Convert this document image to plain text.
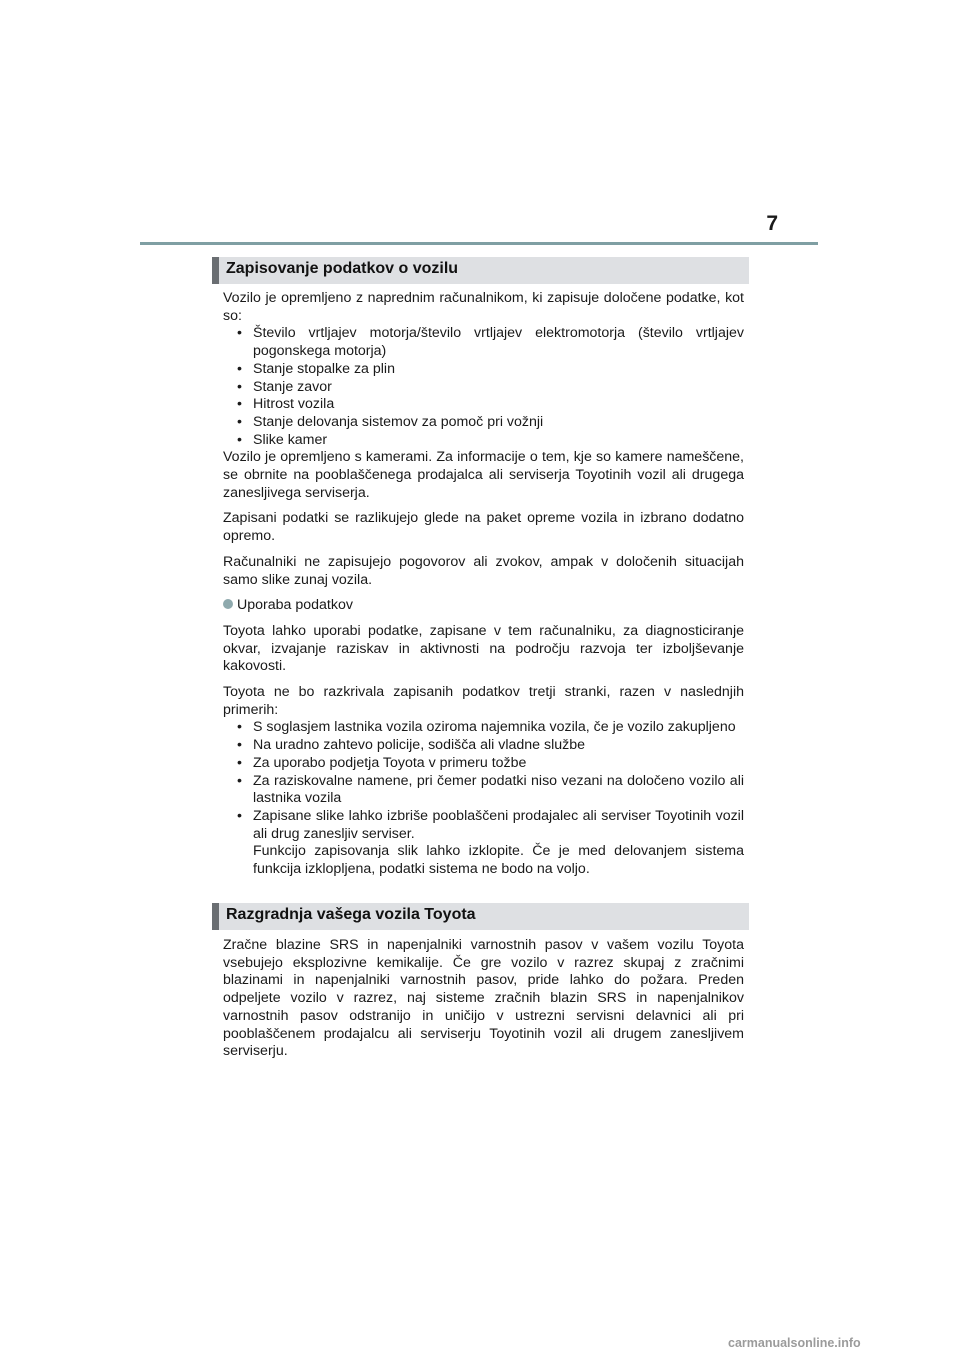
7
Zapisovanje podatkov o vozilu

Vozilo je opremljeno z naprednim računalnikom, ki zapisuje določene podatke, kot so:

• Število vrtljajev motorja/število vrtljajev elektromotorja (število vrtljajev pogonskega motorja)
• Stanje stopalke za plin
• Stanje zavor
• Hitrost vozila
• Stanje delovanja sistemov za pomoč pri vožnji
• Slike kamer

Vozilo je opremljeno s kamerami. Za informacije o tem, kje so kamere nameščene, se obrnite na pooblaščenega prodajalca ali serviserja Toyotinih vozil ali drugega zanesljivega serviserja.

Zapisani podatki se razlikujejo glede na paket opreme vozila in izbrano dodatno opremo.

Računalniki ne zapisujejo pogovorov ali zvokov, ampak v določenih situacijah samo slike zunaj vozila.

Uporaba podatkov

Toyota lahko uporabi podatke, zapisane v tem računalniku, za diagnosticiranje okvar, izvajanje raziskav in aktivnosti na področju razvoja ter izboljševanje kakovosti.

Toyota ne bo razkrivala zapisanih podatkov tretji stranki, razen v naslednjih primerih:

• S soglasjem lastnika vozila oziroma najemnika vozila, če je vozilo zakupljeno
• Na uradno zahtevo policije, sodišča ali vladne službe
• Za uporabo podjetja Toyota v primeru tožbe
• Za raziskovalne namene, pri čemer podatki niso vezani na določeno vozilo ali lastnika vozila
• Zapisane slike lahko izbriše pooblaščeni prodajalec ali serviser Toyotinih vozil ali drug zanesljiv serviser.
Funkcijo zapisovanja slik lahko izklopite. Če je med delovanjem sistema funkcija izklopljena, podatki sistema ne bodo na voljo.
Razgradnja vašega vozila Toyota

Zračne blazine SRS in napenjalniki varnostnih pasov v vašem vozilu Toyota vsebujejo eksplozivne kemikalije. Če gre vozilo v razrez skupaj z zračnimi blazinami in napenjalniki varnostnih pasov, pride lahko do požara. Preden odpeljete vozilo v razrez, naj sisteme zračnih blazin SRS in napenjalnikov varnostnih pasov odstranijo in uničijo v ustrezni servisni delavnici ali pri pooblaščenem prodajalcu ali serviserju Toyotinih vozil ali drugem zanesljivem serviserju.

carmanualsonline.info
